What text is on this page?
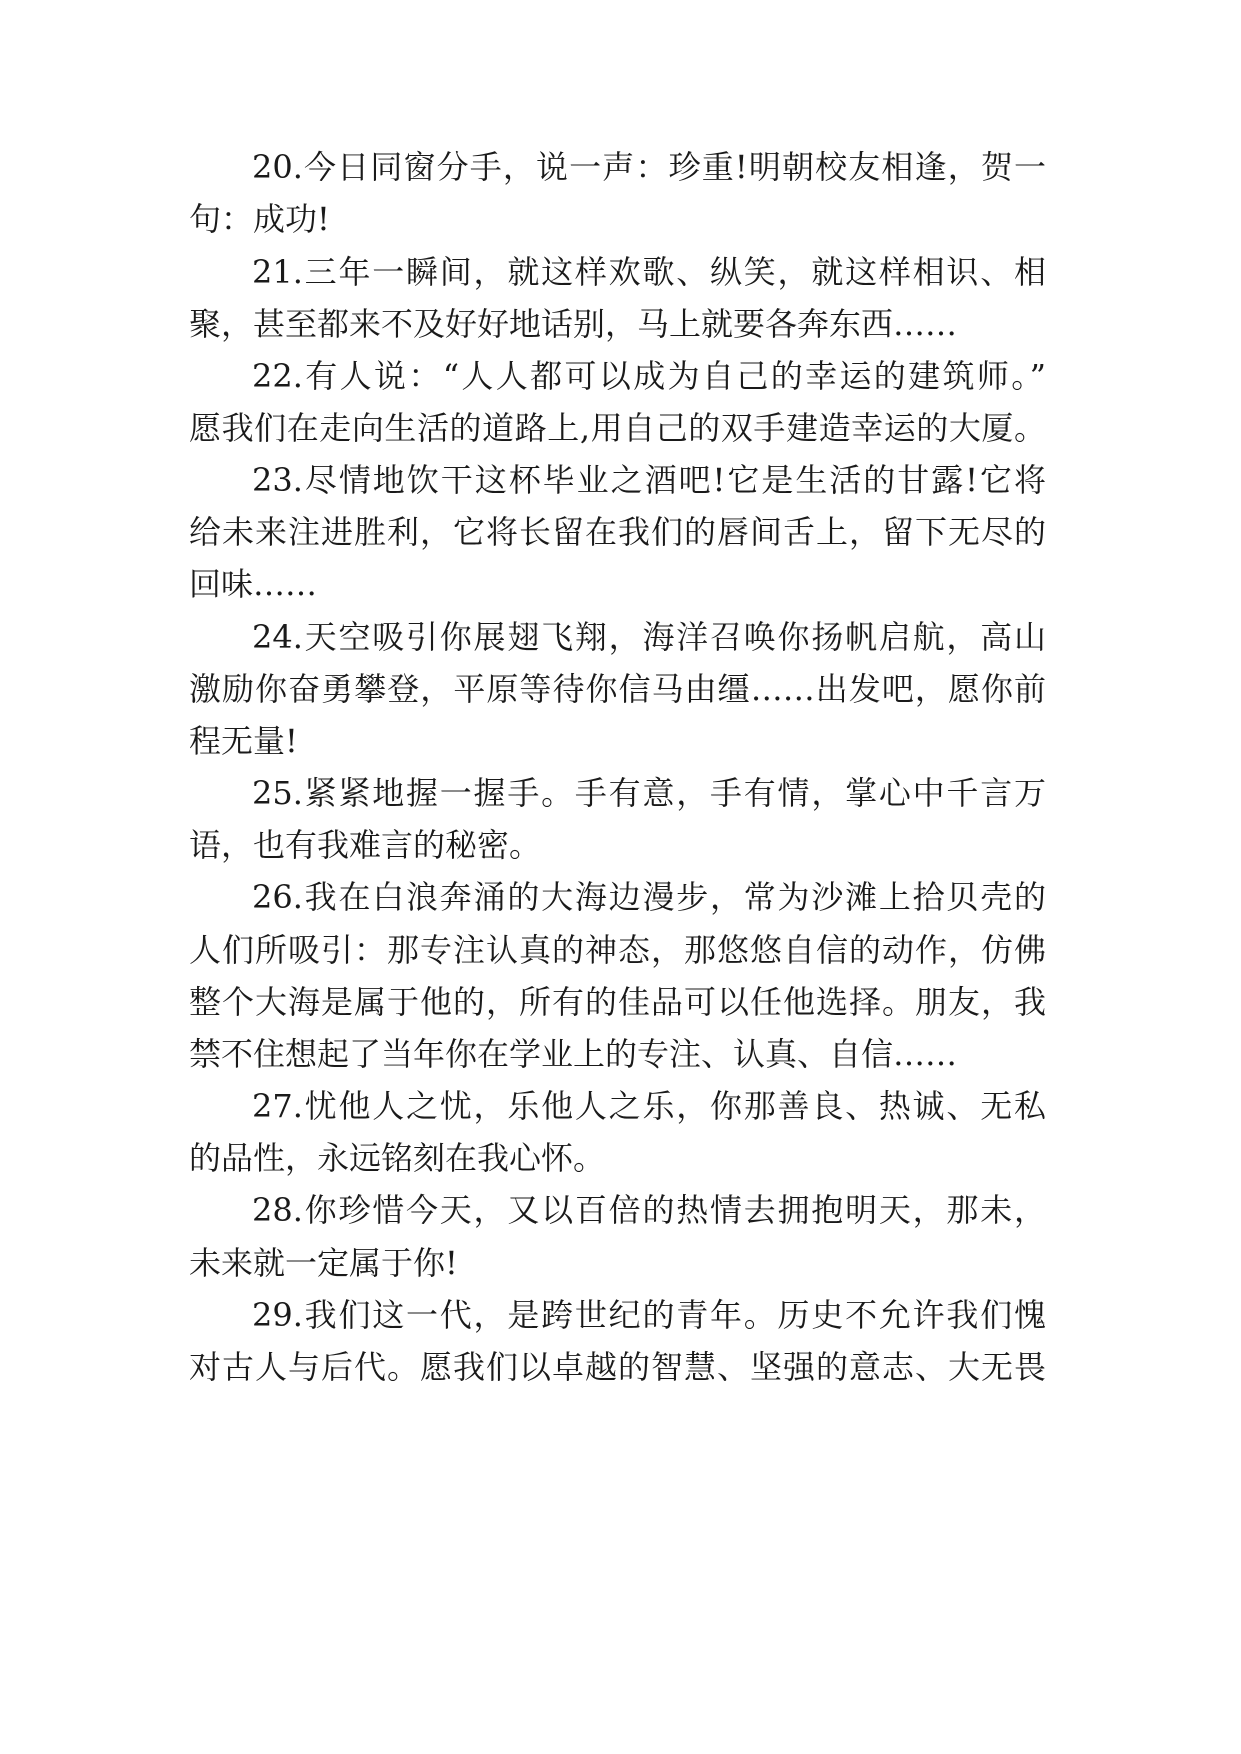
20.今日同窗分手，说一声：珍重!明朝校友相逢，贺一
句：成功!
21.三年一瞬间，就这样欢歌、纵笑，就这样相识、相
聚，甚至都来不及好好地话别，马上就要各奔东西……
22.有人说：“人人都可以成为自己的幸运的建筑师。”
愿我们在走向生活的道路上,用自己的双手建造幸运的大厦。
23.尽情地饮干这杯毕业之酒吧!它是生活的甘露!它将
给未来注进胜利，它将长留在我们的唇间舌上，留下无尽的
回味……
24.天空吸引你展翅飞翔，海洋召唤你扬帆启航，高山
激励你奋勇攀登，平原等待你信马由缰……出发吧，愿你前
程无量!
25.紧紧地握一握手。手有意，手有情，掌心中千言万
语，也有我难言的秘密。
26.我在白浪奔涌的大海边漫步，常为沙滩上拾贝壳的
人们所吸引：那专注认真的神态，那悠悠自信的动作，仿佛
整个大海是属于他的，所有的佳品可以任他选择。朋友，我
禁不住想起了当年你在学业上的专注、认真、自信……
27.忧他人之忧，乐他人之乐，你那善良、热诚、无私
的品性，永远铭刻在我心怀。
28.你珍惜今天，又以百倍的热情去拥抱明天，那未，
未来就一定属于你!
29.我们这一代，是跨世纪的青年。历史不允许我们愧
对古人与后代。愿我们以卓越的智慧、坚强的意志、大无畏
